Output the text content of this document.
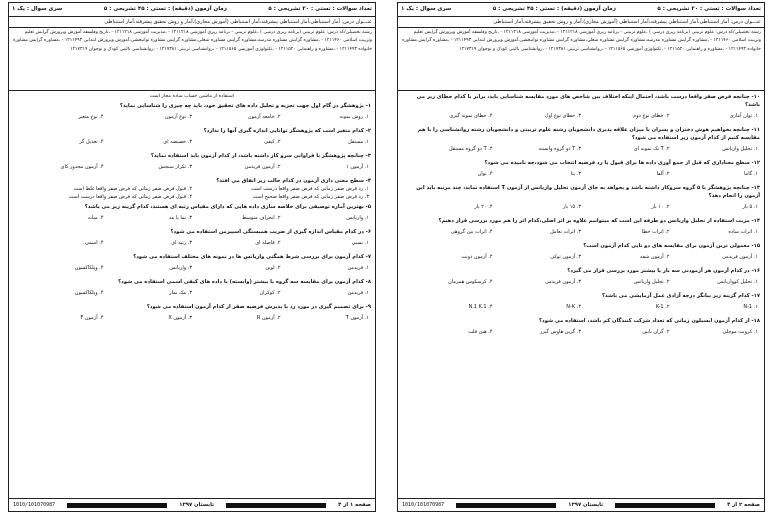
تعداد سوالات : تستی : ۲۰ تشریحی : ۵
زمان آزمون (دقیقه) : تستی : ۴۵ تشریحی : ۵
سری سوال : یک ۱
عنـــوان درس: آمار استنباطی،آمار استنباطی پیشرفته،آمار استنباطی (آموزش مجازی)،آمار و روش تحقیق پیشرفته،آمار استنباطی
رشته تحصیلی/کد درس: علوم تربیتی (برنامه ریزی درسی ) ،علوم تربیتی - برنامه ریزی آموزشی ۱۲۱۱۲۱۸ - ،مدیریت آموزشی ۱۲۱۱۲۱۸ - ،تاریخ وفلسفه آموزش وپرورش گرایش تعلیم وتربیت اسلامی ۱۲۱۱۴۶۰ - ،مشاوره گرایش مشاوره مدرسه،مشاوره گرایش مشاوره شغلی،مشاوره گرایش مشاوره توانبخشی،آموزش وپرورش ابتدایی ۱۲۱۱۴۹۳ - ،مشاوره گرایش مشاوره خانواده ۱۲۱۱۴۹۳ - ،مشاوره و راهنمایی ۱۲۱۱۵۲۰ - ،تکنولوژی آموزشی ۱۲۱۱۵۶۵ - ،روانشناسی تربیتی ۱۲۱۷۳۸۱ - ،روانشناسی بالینی کودک و نوجوان ۱۲۱۷۳۱۹
استفاده از ماشین حساب ساده مجاز است
۱- پژوهشگر در گام اول جهت تجزیه و تحلیل داده های تحقیق خود، باید چه چیزی را شناسایی نماید؟
۱. روش نمونه
۲. جامعه آزمون
۳. نوع آزمون
۴. نوع متغیر
۲- کدام متغیر است که پژوهشگر توانایی اندازه گیری آنها را ندارد؟
۱. مستقل
۲. کیفی
۳. خصیصه ای
۴. تعدیل گر
۳- چنانچه پژوهشگر با فراوانی سرو کار داشته باشد، از کدام آزمون باید استفاده نماید؟
۱. آزمون ۱
۲. آزمون فریدمن
۳. تکرار سنجش
۴. آزمون مجذور کای
۴- سطح معنی داری آزمون در کدام حالت زیر اتفاق می افتد؟
۱. رد فرض صفر زمانی که فرض صفر واقعا درست است
۲. قبول فرض صفر زمانی که فرض صفر واقعا غلط است
۳. رد فرض صفر زمانی که فرض صفر واقعا صحیح است
۴. قبول فرض صفر زمانی که فرض صفر واقعا درست است
۵- بهترین آماره توصیفی برای خلاصه سازی داده هایی که دارای مقیاس رتبه ای هستند، کدام گزینه زیر می باشد؟
۱. واریانس
۲. انحراف متوسط
۳. نما یا مد
۴. میانه
۶- در کدام مقیاس اندازه گیری از ضریب همبستگی اسپیرمن استفاده می شود؟
۱. نسبی
۲. فاصله ای
۳. رتبه ای
۴. اسمی
۷- کدام آزمون برای بررسی شرط همگنی واریانس ها در نمونه های مختلف استفاده می شود؟
۱. فریدمن
۲. لوین
۳. واریانس
۴. ویلکاکسون
۸- کدام آزمون برای مقایسه سه گروه یا بیشتر (وابسته) با داده های کیفی اسمی استفاده می شود؟
۱. فریدمن
۲. کوکران
۳. مک نمار
۴. ویلکاکسون
۹- برای تصمیم گیری در مورد رد یا پذیرش فرضیه صفر از کدام آزمون استفاده می شود؟
۱. آزمون T
۲. آزمون R
۳. آزمون X
۴. آزمون F
صفحه ۱ از ۴
تابستان ۱۳۹۷
1010/101070987
تعداد سوالات : تستی : ۲۰ تشریحی : ۵
زمان آزمون (دقیقه) : تستی : ۴۵ تشریحی : ۵
سری سوال : یک ۱
عنـــوان درس: آمار استنباطی،آمار استنباطی پیشرفته،آمار استنباطی (آموزش مجازی)،آمار و روش تحقیق پیشرفته،آمار استنباطی
رشته تحصیلی/کد درس: علوم تربیتی (برنامه ریزی درسی ) ،علوم تربیتی - برنامه ریزی آموزشی ۱۲۱۱۲۱۸ - ،مدیریت آموزشی ۱۲۱۱۲۱۸ - ،تاریخ وفلسفه آموزش وپرورش گرایش تعلیم وتربیت اسلامی ۱۲۱۱۴۶۰ - ،مشاوره گرایش مشاوره مدرسه،مشاوره گرایش مشاوره شغلی،مشاوره گرایش مشاوره توانبخشی،آموزش وپرورش ابتدایی ۱۲۱۱۴۹۳ - ،مشاوره گرایش مشاوره خانواده ۱۲۱۱۴۹۳ - ،مشاوره و راهنمایی ۱۲۱۱۵۲۰ - ،تکنولوژی آموزشی ۱۲۱۱۵۶۵ - ،روانشناسی تربیتی ۱۲۱۷۳۸۱ - ،روانشناسی بالینی کودک و نوجوان ۱۲۱۷۳۱۹
۱۰- چنانچه فرض صفر واقعا درست باشد، احتمال اینکه اختلاف بین شاخص های مورد مقایسه شناسایی باید، برابر با کدام خطای زیر می باشد؟
۱. توان آماری
۲. خطای نوع دوم
۳. خطای نوع اول
۴. خطای نمونه گیری
۱۱- چنانچه بخواهیم هوش دختران و پسران با میزان علاقه پذیری دانشجویان رشته علوم تربیتی و دانشجویان رشته روانشناسی را با هم مقایسه کنیم از کدام آزمون زیر استفاده می شود؟
۱. تحلیل واریانس
۲. T تک نمونه ای
۳. T دو گروه وابسته
۴. T دو گروه مستقل
۱۲- سطح معناداری که قبل از جمع آوری داده ها برای قبول یا رد فرضیه انتخاب می شود،چه نامیده می شود؟
۱. گاما
۲. آلفا
۳. بتا
۴. توان
۱۳- چنانچه پژوهشگر با ۵ گروه سروکار داشته باشد و بخواهد به جای آزمون تحلیل واریانس از آزمون T استفاده نماید، چند مرتبه باید این آزمون را انجام دهد؟
۱. ۵ بار
۲. ۱۰ بار
۳. ۱۵ بار
۴. ۲۰ بار
۱۴- مزیت استفاده از تحلیل واریانس دو طرفه این است که میتوانیم علاوه بر اثر اصلی،کدام اثر را هم مورد بررسی قرار دهیم؟
۱. اثرات ساده
۲. اثرات خطا
۳. اثرات تعامل
۴. اثرات بین گروهی
۱۵- معمولی ترین آزمون برای مقایسه های دو تایی کدام آزمون است؟
۱. آزمون فریدمن
۲. آزمون شفه
۳. آزمون توکی
۴. آزمون دونت
۱۶- در کدام آزمون هر آزمودنی سه بار یا بیشتر مورد بررسی قرار می گیرد؟
۱. تحلیل کوواریانس
۲. تحلیل واریانس
۳. آزمون فریدمن
۴. کرسکوس همزمان
۱۷- کدام گزینه زیر بیانگر درجه آزادی عمل آزمایشی می باشد؟
۱. N-1
۲. K-1
۳. N-K
۴. N.1 K.1
۱۸- از کدام آزمون ابسیلون زمانی که تعداد شرکت کنندگان کم باشد، استفاده می شود؟
۱. کرویت موچلی
۲. گران بابین
۳. گرین هاوس گیزر
۴. هین فلت
صفحه ۲ از ۴
تابستان ۱۳۹۷
1010/101070987
